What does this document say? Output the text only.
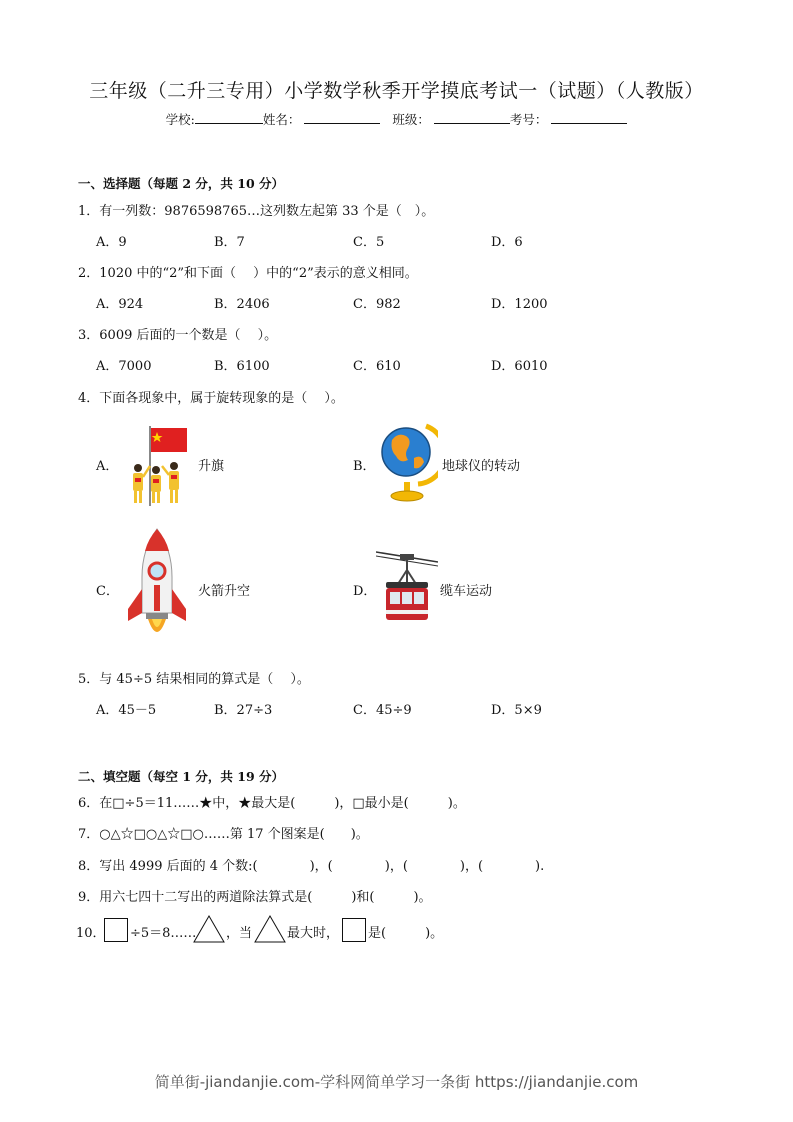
三年级（二升三专用）小学数学秋季开学摸底考试一（试题）（人教版）
学校:	姓名：	班级：	考号：
一、选择题（每题 2 分，共 10 分）
1．有一列数：9876598765…这列数左起第 33 个是（　）。
A．9	B．7	C．5	D．6
2．1020 中的“2”和下面（　 ）中的“2”表示的意义相同。
A．924	B．2406	C．982	D．1200
3．6009 后面的一个数是（　 ）。
A．7000	B．6100	C．610	D．6010
4．下面各现象中，属于旋转现象的是（　 ）。
A．	升旗	B．	地球仪的转动
C．	火箭升空	D．	缆车运动
5．与 45÷5 结果相同的算式是（　 ）。
A．45－5	B．27÷3	C．45÷9	D．5×9
二、填空题（每空 1 分，共 19 分）
6．在□÷5＝11……★中，★最大是(　　　)，□最小是(　　　)。
7．○△☆□○△☆□○……第 17 个图案是(　　)。
8．写出 4999 后面的 4 个数:(　　　　)，(　　　　)，(　　　　)，(　　　　).
9．用六七四十二写出的两道除法算式是(　　　)和(　　　)。
10． ÷5＝8…… ，当	最大时， 是(　　　)。
简单街-jiandanjie.com-学科网简单学习一条街 https://jiandanjie.com
